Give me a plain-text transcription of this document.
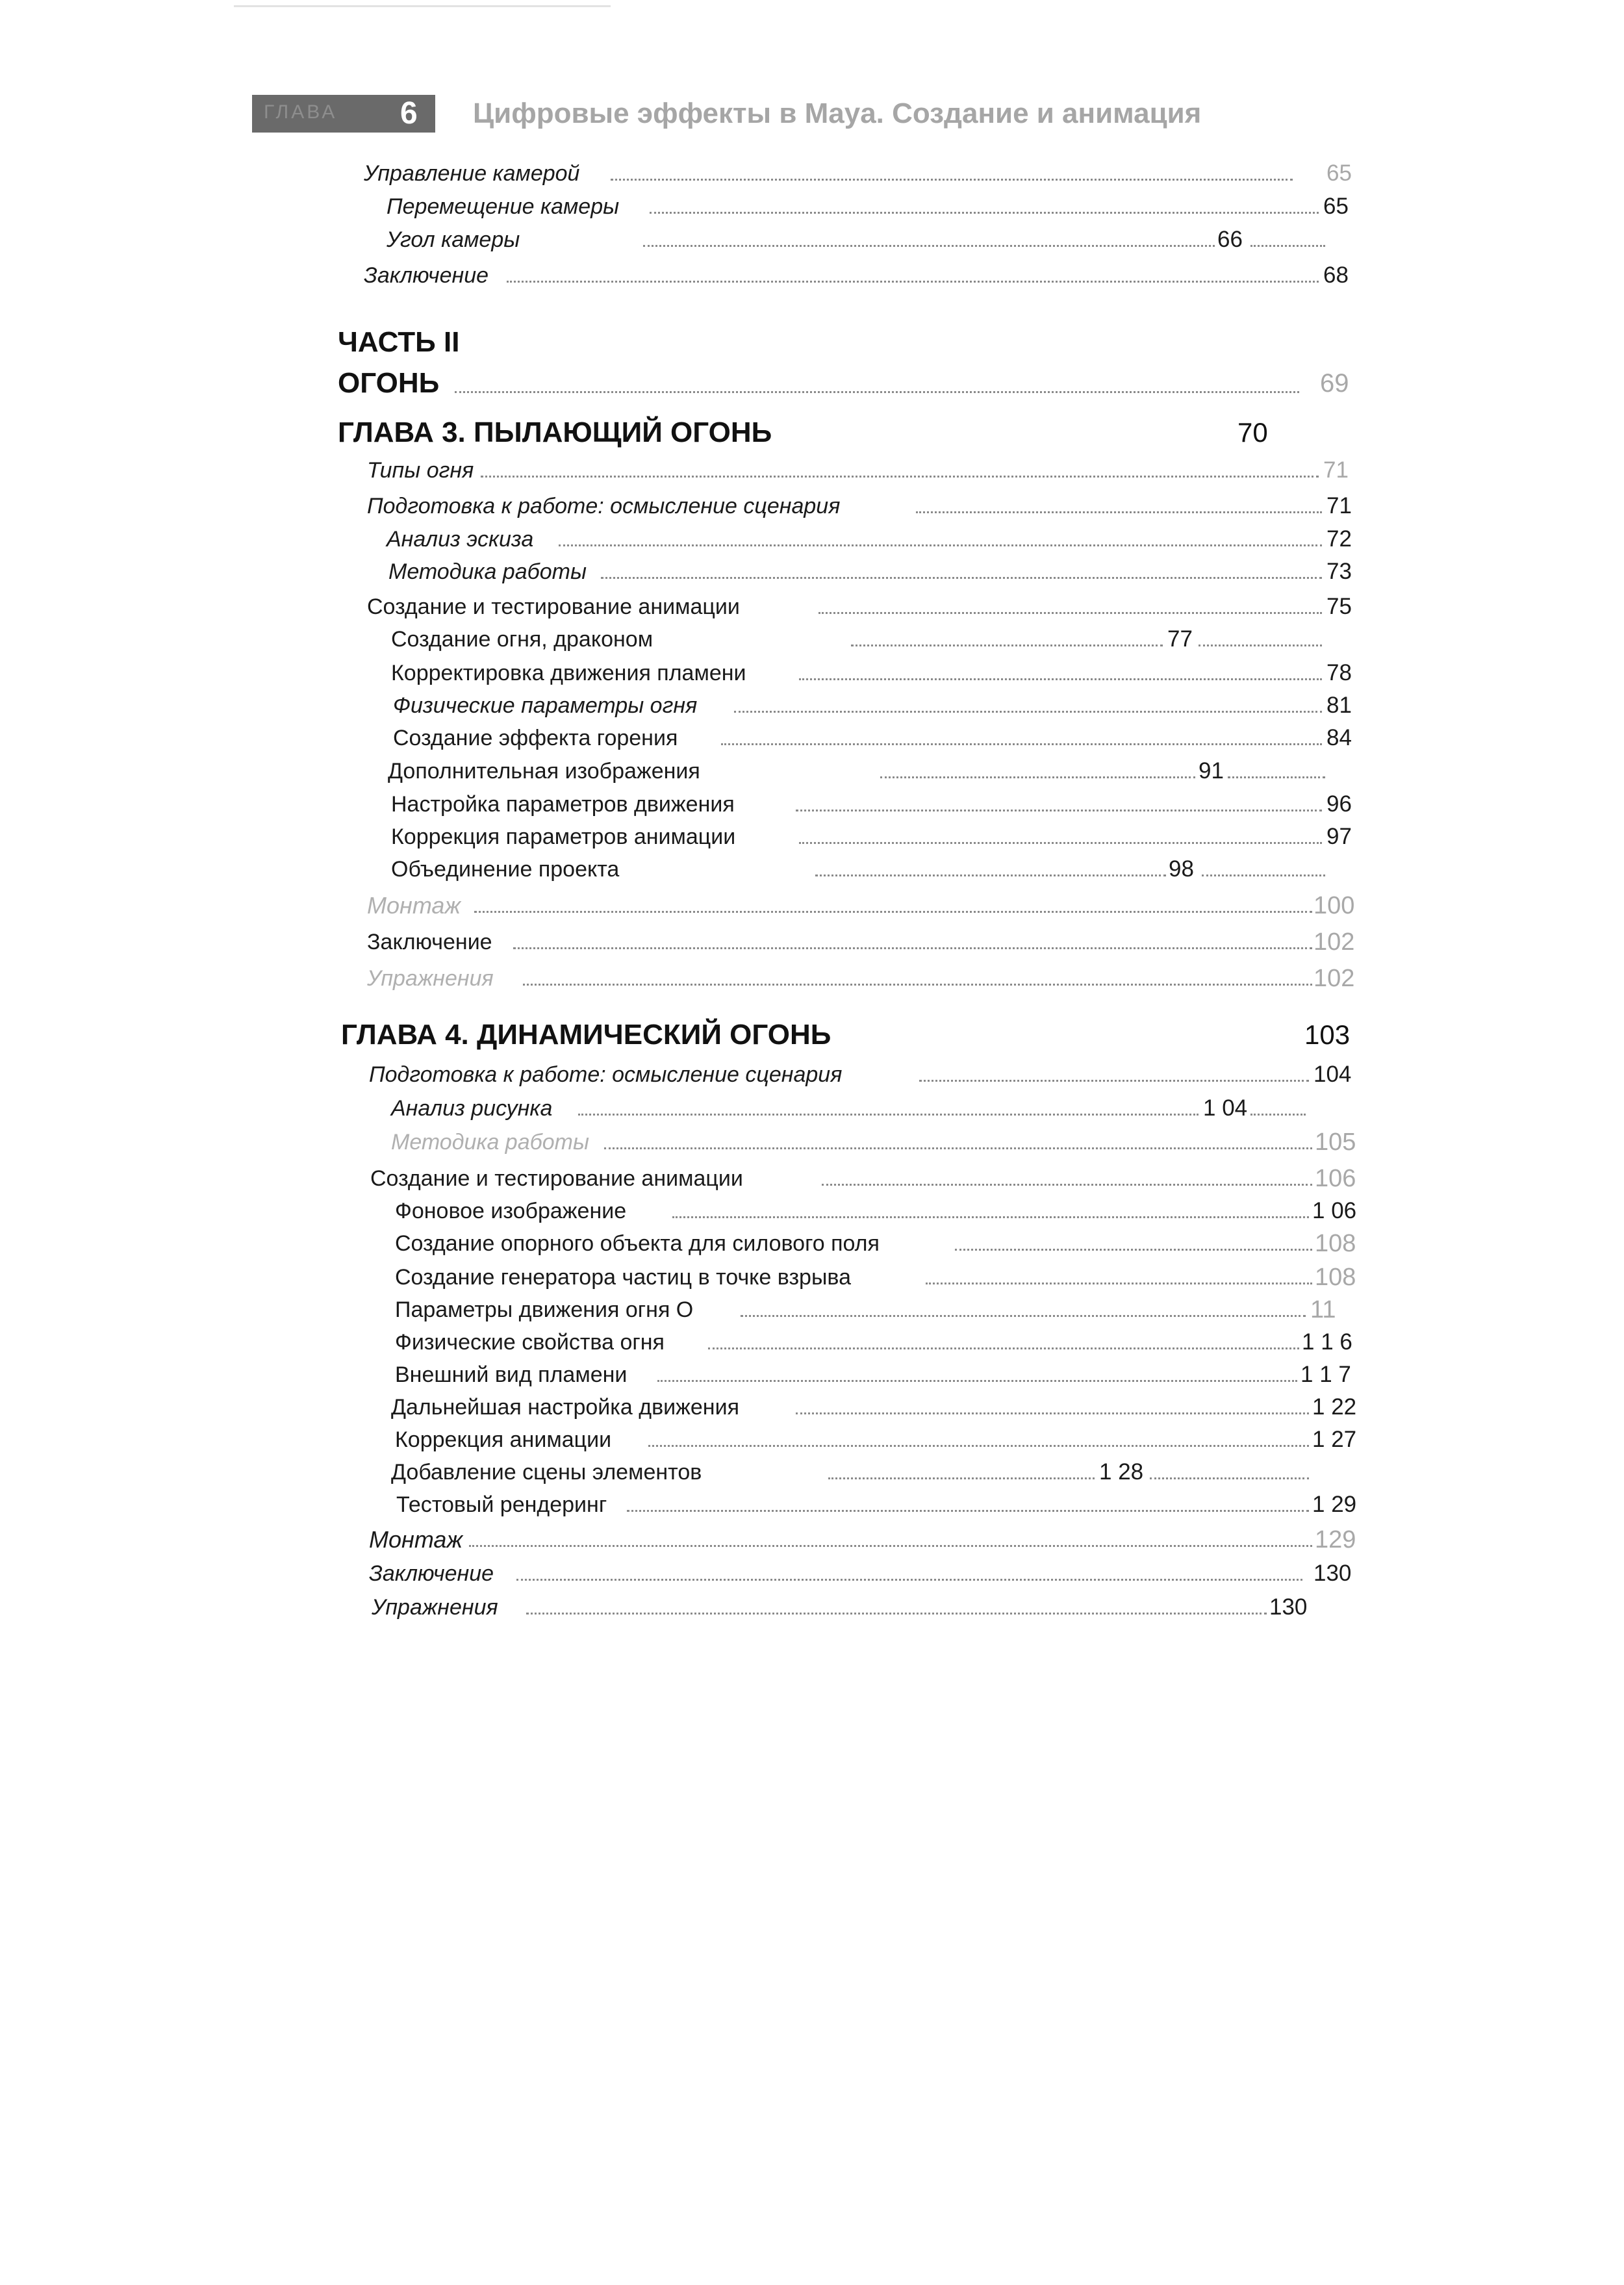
ГЛАВА 6 Цифровые эффекты в Maya. Создание и анимация
Управление камерой	65
Перемещение камеры	65
Угол камеры	66
Заключение	68
ЧАСТЬ II
ОГОНЬ	69
ГЛАВА 3. ПЫЛАЮЩИЙ ОГОНЬ	70
Типы огня	71
Подготовка к работе: осмысление сценария	71
Анализ эскиза	72
Методика работы	73
Создание и тестирование анимации	75
Создание огня, драконом	77
Корректировка движения пламени	78
Физические параметры огня	81
Создание эффекта горения	84
Дополнительная изображения	91
Настройка параметров движения	96
Коррекция параметров анимации	97
Объединение проекта	98
Монтаж	100
Заключение	102
Упражнения	102
ГЛАВА 4. ДИНАМИЧЕСКИЙ ОГОНЬ	103
Подготовка к работе: осмысление сценария	104
Анализ рисунка	1 04
Методика работы	105
Создание и тестирование анимации	106
Фоновое изображение	1 06
Создание опорного объекта для силового поля	108
Создание генератора частиц в точке взрыва	108
Параметры движения огня О	11
Физические свойства огня	1 1 6
Внешний вид пламени	1 1 7
Дальнейшая настройка движения	1 22
Коррекция анимации	1 27
Добавление сцены элементов	1 28
Тестовый рендеринг	1 29
Монтаж	129
Заключение	130
Упражнения	130
